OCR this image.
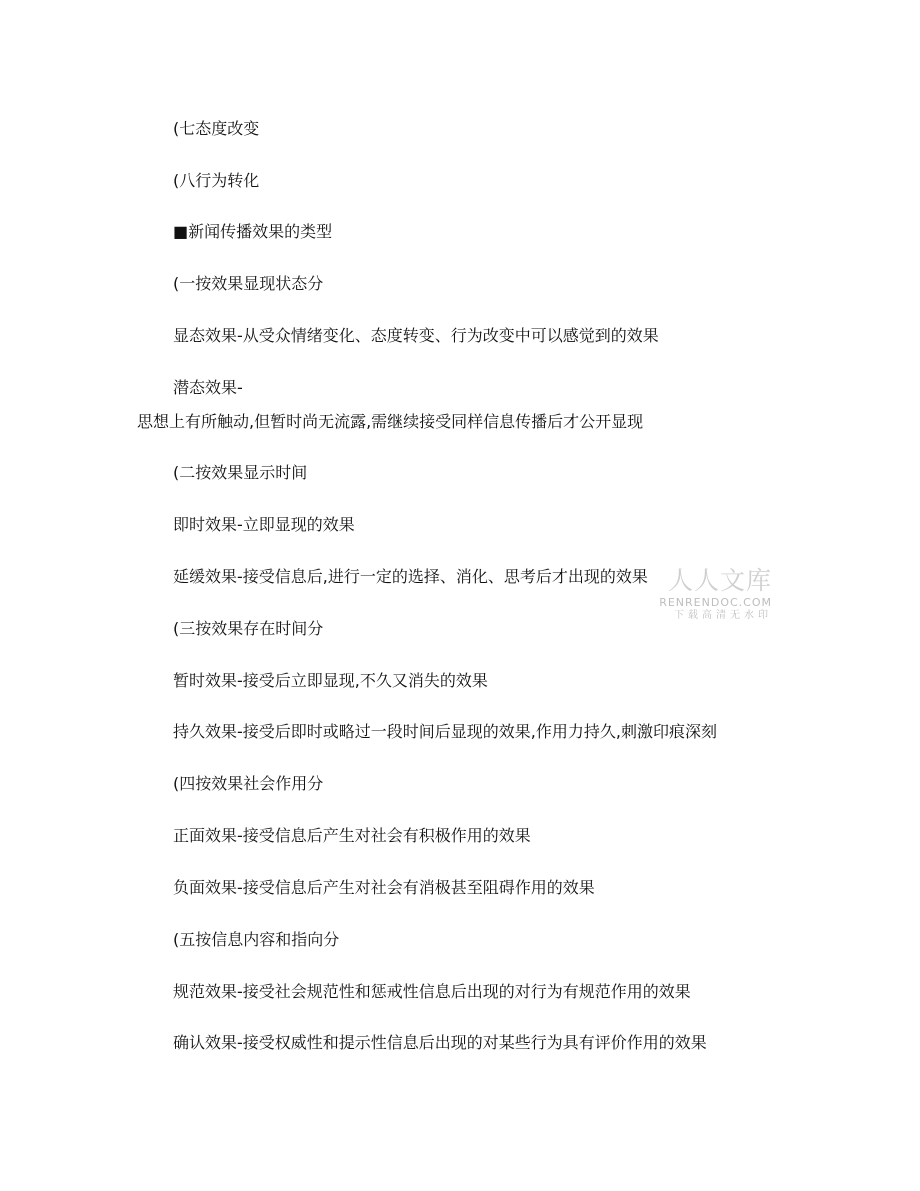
(七态度改变

(八行为转化

■新闻传播效果的类型

(一按效果显现状态分

显态效果-从受众情绪变化、态度转变、行为改变中可以感觉到的效果

潜态效果-

思想上有所触动,但暂时尚无流露,需继续接受同样信息传播后才公开显现

(二按效果显示时间

即时效果-立即显现的效果

延缓效果-接受信息后,进行一定的选择、消化、思考后才出现的效果

(三按效果存在时间分

暂时效果-接受后立即显现,不久又消失的效果

持久效果-接受后即时或略过一段时间后显现的效果,作用力持久,刺激印痕深刻

(四按效果社会作用分

正面效果-接受信息后产生对社会有积极作用的效果

负面效果-接受信息后产生对社会有消极甚至阻碍作用的效果

(五按信息内容和指向分

规范效果-接受社会规范性和惩戒性信息后出现的对行为有规范作用的效果

确认效果-接受权威性和提示性信息后出现的对某些行为具有评价作用的效果

人人文库
RENRENDOC.COM
下载高清无水印
